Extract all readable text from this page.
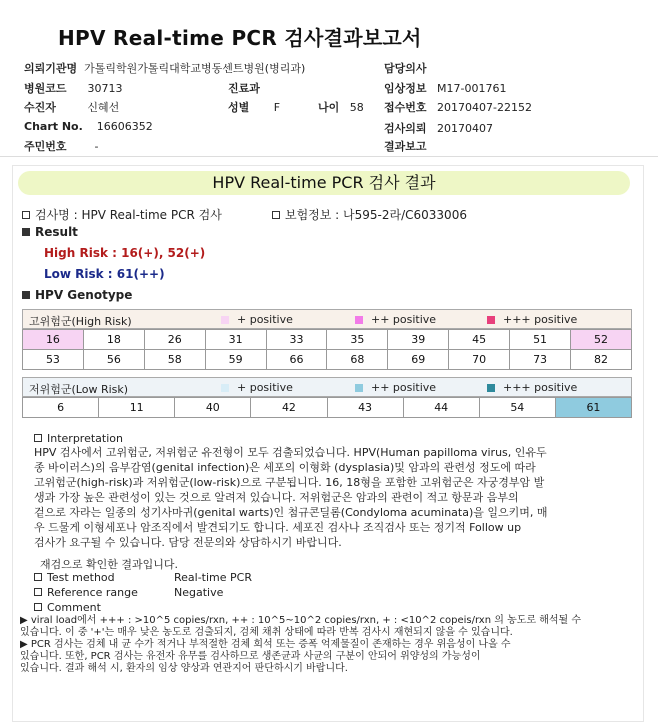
HPV Real-time PCR 검사결과보고서
의뢰기관명 가톨릭학원가톨릭대학교병동센트병원(병리과)	담당의사
병원코드 30713	진료과	임상정보 M17-001761
수진자	신혜선	성별 F	나이 58 접수번호 20170407-22152
Chart No. 16606352	검사의뢰 20170407
주민번호	-	결과보고
HPV Real-time PCR 검사 결과
검사명 : HPV Real-time PCR 검사	보험정보 : 나595-2라/C6033006
Result
High Risk : 16(+), 52(+)
Low Risk : 61(++)
HPV Genotype
고위험군(High Risk)	+ positive	++ positive	+++ positive
16	18	26	31	33	35	39	45	51	52
53	56	58	59	66	68	69	70	73	82
저위험군(Low Risk)	+ positive	++ positive	+++ positive
6	11	40	42	43	44	54	61
Interpretation
HPV 검사에서 고위험군, 저위험군 유전형이 모두 검출되었습니다. HPV(Human papilloma virus, 인유두
종 바이러스)의 음부감염(genital infection)은 세포의 이형화 (dysplasia)및 암과의 관련성 정도에 따라
고위험군(high-risk)과 저위험군(low-risk)으로 구분됩니다. 16, 18형을 포함한 고위험군은 자궁경부암 발
생과 가장 높은 관련성이 있는 것으로 알려져 있습니다. 저위험군은 암과의 관련이 적고 항문과 음부의
겉으로 자라는 일종의 성기사마귀(genital warts)인 첨규콘딜롬(Condyloma acuminata)을 일으키며, 매
우 드물게 이형세포나 암조직에서 발견되기도 합니다. 세포진 검사나 조직검사 또는 정기적 Follow up
검사가 요구될 수 있습니다. 담당 전문의와 상담하시기 바랍니다.
재검으로 확인한 결과입니다.
Test method	Real-time PCR
Reference range	Negative
Comment
▶ viral load에서 +++ : >10^5 copies/rxn, ++ : 10^5~10^2 copies/rxn, + : <10^2 copeis/rxn 의 농도로 해석될 수
있습니다. 이 중 '+'는 매우 낮은 농도로 검출되지, 검체 채취 상태에 따라 반복 검사시 재현되지 않을 수 있습니다.
▶ PCR 검사는 검체 내 균 수가 적거나 부적절한 검체 희석 또는 증폭 억제물질이 존재하는 경우 위음성이 나올 수
있습니다. 또한, PCR 검사는 유전자 유무를 검사하므로 생존균과 사균의 구분이 안되어 위양성의 가능성이
있습니다. 결과 해석 시, 환자의 임상 양상과 연관지어 판단하시기 바랍니다.
